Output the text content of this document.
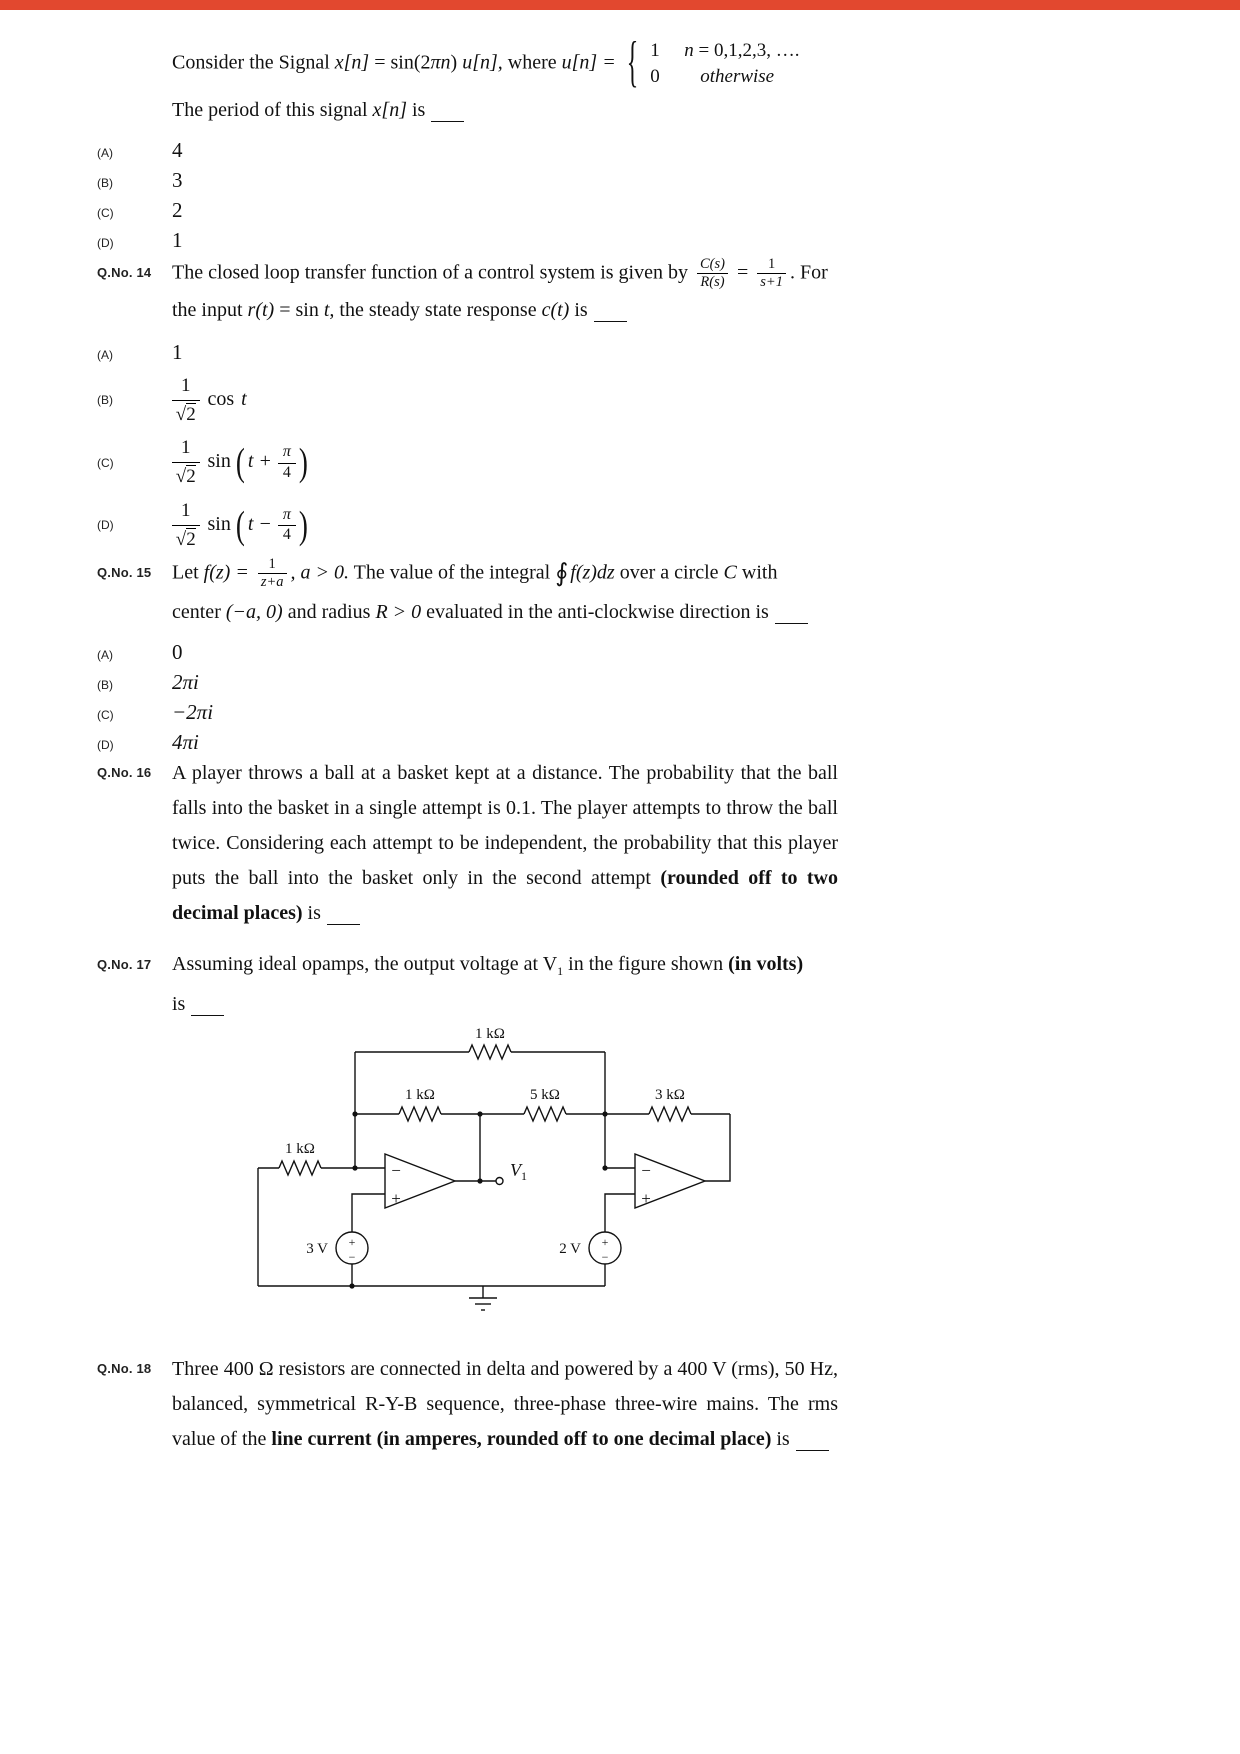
Consider the Signal x[n] = sin(2πn) u[n], where u[n] = { 1	n = 0,1,2,3, ….
0	otherwise
The period of this signal x[n] is
(A)	4
(B)	3
(C)	2
(D)	1
Q.No. 14	The closed loop transfer function of a control system is given by $\frac{C(s)}{R(s)} = \frac{1}{s+1}$ . For
the input r(t) = sin t, the steady state response c(t) is
(A)	1
(B)	$\frac{1}{√2}$ cos t
(C)	$\frac{1}{√2}$ sin ( $t + \frac{\pi}{4}$ )
(D)	$\frac{1}{√2}$ sin ( $t - \frac{\pi}{4}$ )
Q.No. 15	Let $f(z) = \frac{1}{z+a}$ , a > 0. The value of the integral ∮ f(z)dz over a circle C with
center (−a, 0) and radius R > 0 evaluated in the anti-clockwise direction is
(A)	0
(B)	2πi
(C)	−2πi
(D)	4πi
Q.No. 16	A player throws a ball at a basket kept at a distance. The probability that the ball falls into the basket in a single attempt is 0.1. The player attempts to throw the ball twice. Considering each attempt to be independent, the probability that this player puts the ball into the basket only in the second attempt (rounded off to two decimal places) is
Q.No. 17	Assuming ideal opamps, the output voltage at $V_1$ in the figure shown (in volts)
is
1 kΩ
1 kΩ	5 kΩ	3 kΩ
1 kΩ
3 V	2 V
−
+
−
+
+
−
+
−
$V_1$
Q.No. 18	Three 400 Ω resistors are connected in delta and powered by a 400 V (rms), 50 Hz, balanced, symmetrical R-Y-B sequence, three-phase three-wire mains. The rms value of the line current (in amperes, rounded off to one decimal place) is
